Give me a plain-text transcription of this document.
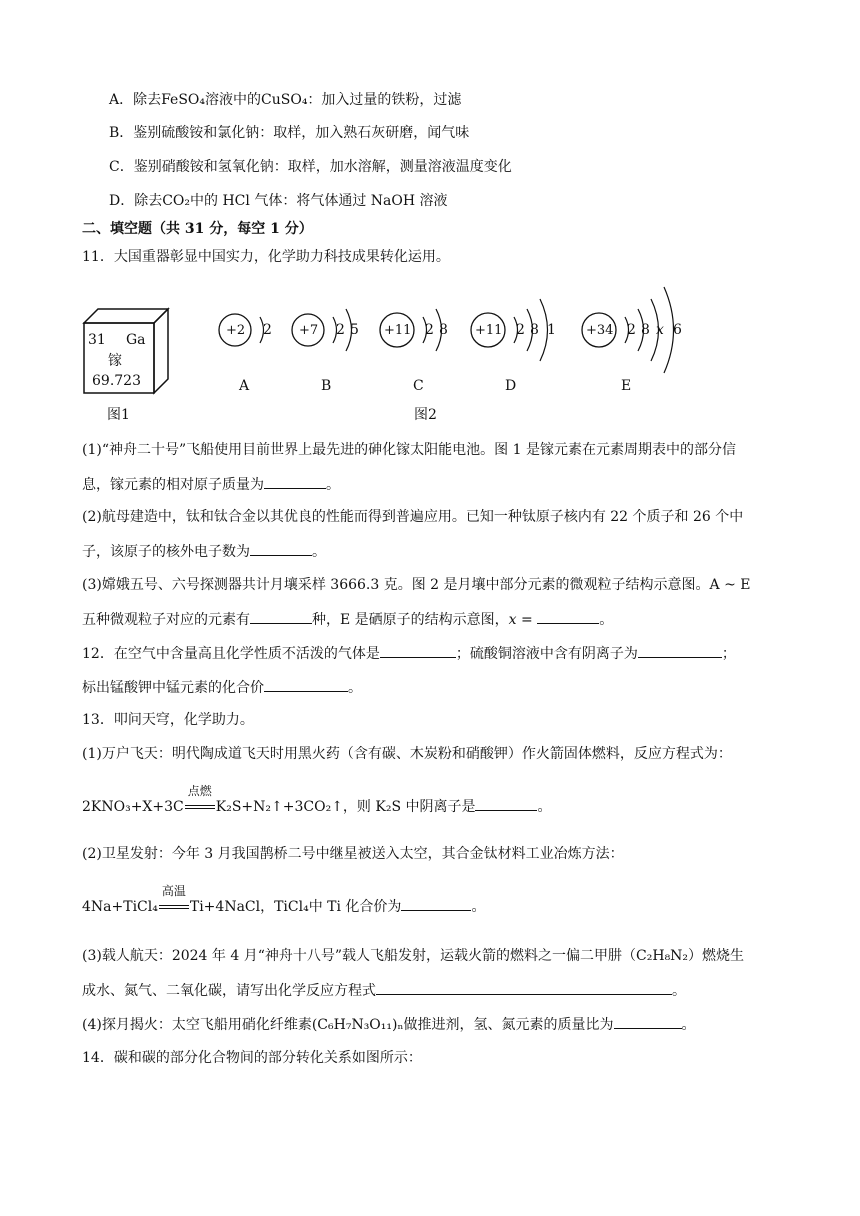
A．除去FeSO₄溶液中的CuSO₄：加入过量的铁粉，过滤
B．鉴别硫酸铵和氯化钠：取样，加入熟石灰研磨，闻气味
C．鉴别硝酸铵和氢氧化钠：取样，加水溶解，测量溶液温度变化
D．除去CO₂中的 HCl 气体：将气体通过 NaOH 溶液
二、填空题（共 31 分，每空 1 分）
11．大国重器彰显中国实力，化学助力科技成果转化运用。
31 Ga
镓
69.723
图1
+2 2 +7 2 5 +11 2 8 +11 2 8 1 +34 2 8 x 6
A	B	C	D	E
图2
(1)“神舟二十号”飞船使用目前世界上最先进的砷化镓太阳能电池。图 1 是镓元素在元素周期表中的部分信
息，镓元素的相对原子质量为	。
(2)航母建造中，钛和钛合金以其优良的性能而得到普遍应用。已知一种钛原子核内有 22 个质子和 26 个中
子，该原子的核外电子数为	。
(3)嫦娥五号、六号探测器共计月壤采样 3666.3 克。图 2 是月壤中部分元素的微观粒子结构示意图。A ~ E
五种微观粒子对应的元素有	种，E 是硒原子的结构示意图，x =	。
12．在空气中含量高且化学性质不活泼的气体是	；硫酸铜溶液中含有阴离子为	；
标出锰酸钾中锰元素的化合价	。
13．叩问天穹，化学助力。
(1)万户飞天：明代陶成道飞天时用黑火药（含有碳、木炭粉和硝酸钾）作火箭固体燃料，反应方程式为：
2KNO₃+X+3C
点燃
K₂S+N₂↑+3CO₂↑，则 K₂S 中阴离子是	。
(2)卫星发射：今年 3 月我国鹊桥二号中继星被送入太空，其合金钛材料工业冶炼方法：
4Na+TiCl₄
高温
Ti+4NaCl，TiCl₄中 Ti 化合价为	。
(3)载人航天：2024 年 4 月“神舟十八号”载人飞船发射，运载火箭的燃料之一偏二甲肼（C₂H₈N₂）燃烧生
成水、氮气、二氧化碳，请写出化学反应方程式	。
(4)探月揭火：太空飞船用硝化纤维素(C₆H₇N₃O₁₁)ₙ做推进剂，氢、氮元素的质量比为	。
14．碳和碳的部分化合物间的部分转化关系如图所示：
